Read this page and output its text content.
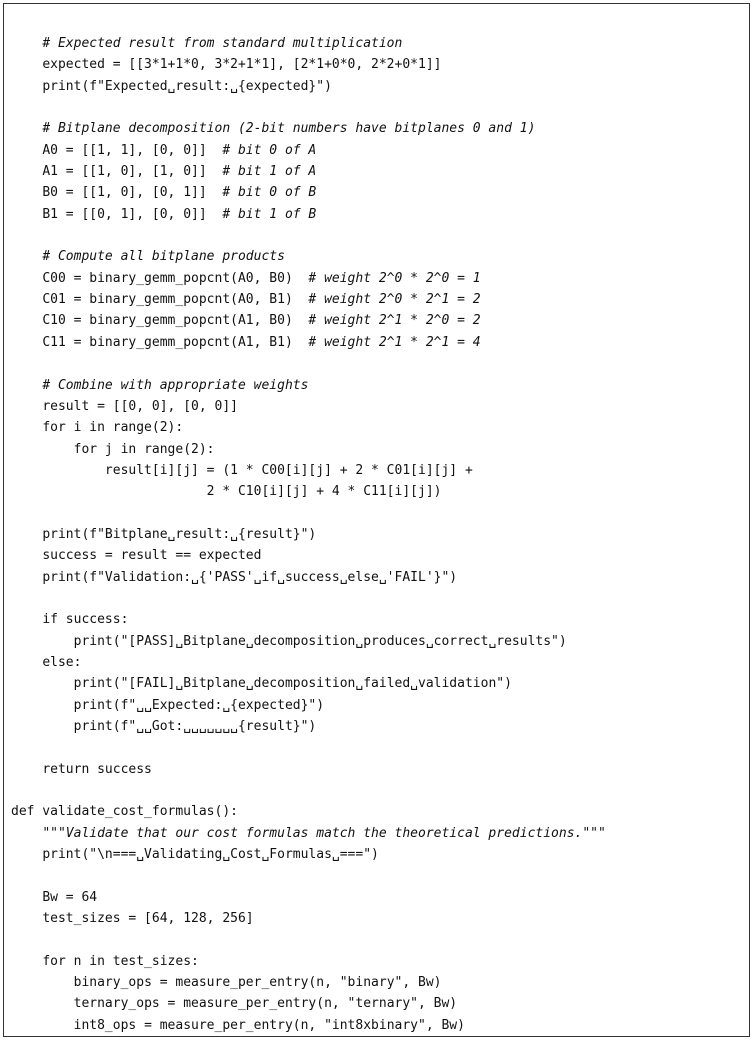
# Expected result from standard multiplication
expected = [[3*1+1*0, 3*2+1*1], [2*1+0*0, 2*2+0*1]]
print(f"Expected␣result:␣{expected}")
# Bitplane decomposition (2-bit numbers have bitplanes 0 and 1)
A0 = [[1, 1], [0, 0]]  # bit 0 of A
A1 = [[1, 0], [1, 0]]  # bit 1 of A
B0 = [[1, 0], [0, 1]]  # bit 0 of B
B1 = [[0, 1], [0, 0]]  # bit 1 of B
# Compute all bitplane products
C00 = binary_gemm_popcnt(A0, B0)  # weight 2^0 * 2^0 = 1
C01 = binary_gemm_popcnt(A0, B1)  # weight 2^0 * 2^1 = 2
C10 = binary_gemm_popcnt(A1, B0)  # weight 2^1 * 2^0 = 2
C11 = binary_gemm_popcnt(A1, B1)  # weight 2^1 * 2^1 = 4
# Combine with appropriate weights
result = [[0, 0], [0, 0]]
for i in range(2):
for j in range(2):
result[i][j] = (1 * C00[i][j] + 2 * C01[i][j] +
2 * C10[i][j] + 4 * C11[i][j])
print(f"Bitplane␣result:␣{result}")
success = result == expected
print(f"Validation:␣{'PASS'␣if␣success␣else␣'FAIL'}")
if success:
print("[PASS]␣Bitplane␣decomposition␣produces␣correct␣results")
else:
print("[FAIL]␣Bitplane␣decomposition␣failed␣validation")
print(f"␣␣Expected:␣{expected}")
print(f"␣␣Got:␣␣␣␣␣␣␣{result}")
return success
def validate_cost_formulas():
"""Validate that our cost formulas match the theoretical predictions."""
print("\n===␣Validating␣Cost␣Formulas␣===")
Bw = 64
test_sizes = [64, 128, 256]
for n in test_sizes:
binary_ops = measure_per_entry(n, "binary", Bw)
ternary_ops = measure_per_entry(n, "ternary", Bw)
int8_ops = measure_per_entry(n, "int8xbinary", Bw)
